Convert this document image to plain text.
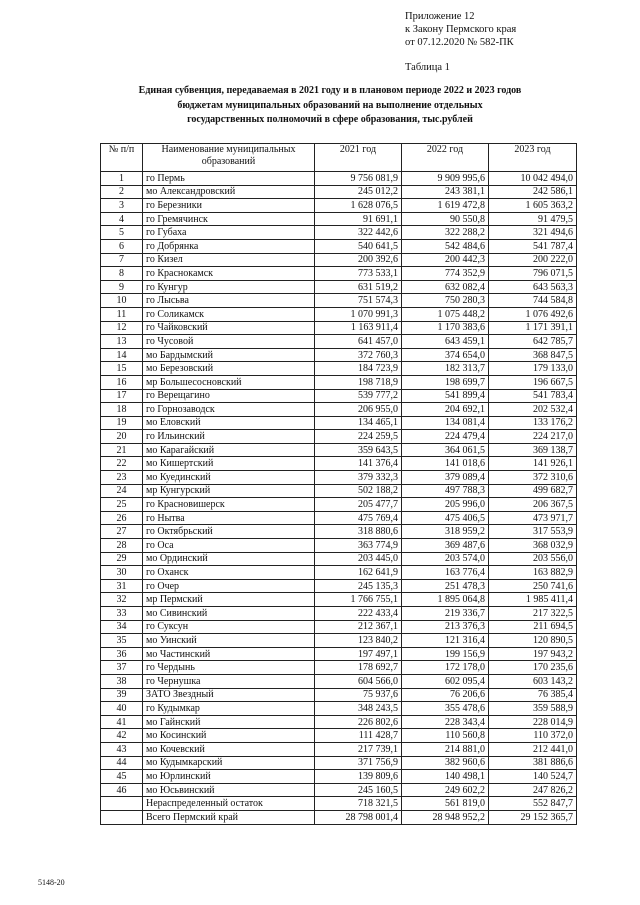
Приложение 12
к Закону Пермского края
от 07.12.2020 № 582-ПК
Таблица 1
Единая субвенция, передаваемая в 2021 году и в плановом периоде 2022 и 2023 годов
бюджетам муниципальных образований на выполнение отдельных
государственных полномочий в сфере образования, тыс.рублей
№ п/п	Наименование муниципальных образований	2021 год	2022 год	2023 год
1	го Пермь	9 756 081,9	9 909 995,6	10 042 494,0
2	мо Александровский	245 012,2	243 381,1	242 586,1
3	го Березники	1 628 076,5	1 619 472,8	1 605 363,2
4	го Гремячинск	91 691,1	90 550,8	91 479,5
5	го Губаха	322 442,6	322 288,2	321 494,6
6	го Добрянка	540 641,5	542 484,6	541 787,4
7	го Кизел	200 392,6	200 442,3	200 222,0
8	го Краснокамск	773 533,1	774 352,9	796 071,5
9	го Кунгур	631 519,2	632 082,4	643 563,3
10	го Лысьва	751 574,3	750 280,3	744 584,8
11	го Соликамск	1 070 991,3	1 075 448,2	1 076 492,6
12	го Чайковский	1 163 911,4	1 170 383,6	1 171 391,1
13	го Чусовой	641 457,0	643 459,1	642 785,7
14	мо Бардымский	372 760,3	374 654,0	368 847,5
15	мо Березовский	184 723,9	182 313,7	179 133,0
16	мр Большесосновский	198 718,9	198 699,7	196 667,5
17	го Верещагино	539 777,2	541 899,4	541 783,4
18	го Горнозаводск	206 955,0	204 692,1	202 532,4
19	мо Еловский	134 465,1	134 081,4	133 176,2
20	го Ильинский	224 259,5	224 479,4	224 217,0
21	мо Карагайский	359 643,5	364 061,5	369 138,7
22	мо Кишертский	141 376,4	141 018,6	141 926,1
23	мо Куединский	379 332,3	379 089,4	372 310,6
24	мр Кунгурский	502 188,2	497 788,3	499 682,7
25	го Красновишерск	205 477,7	205 996,0	206 367,5
26	го Нытва	475 769,4	475 406,5	473 971,7
27	го Октябрьский	318 880,6	318 959,2	317 553,9
28	го Оса	363 774,9	369 487,6	368 032,9
29	мо Ординский	203 445,0	203 574,0	203 556,0
30	го Оханск	162 641,9	163 776,4	163 882,9
31	го Очер	245 135,3	251 478,3	250 741,6
32	мр Пермский	1 766 755,1	1 895 064,8	1 985 411,4
33	мо Сивинский	222 433,4	219 336,7	217 322,5
34	го Суксун	212 367,1	213 376,3	211 694,5
35	мо Уинский	123 840,2	121 316,4	120 890,5
36	мо Частинский	197 497,1	199 156,9	197 943,2
37	го Чердынь	178 692,7	172 178,0	170 235,6
38	го Чернушка	604 566,0	602 095,4	603 143,2
39	ЗАТО Звездный	75 937,6	76 206,6	76 385,4
40	го Кудымкар	348 243,5	355 478,6	359 588,9
41	мо Гайнский	226 802,6	228 343,4	228 014,9
42	мо Косинский	111 428,7	110 560,8	110 372,0
43	мо Кочевский	217 739,1	214 881,0	212 441,0
44	мо Кудымкарский	371 756,9	382 960,6	381 886,6
45	мо Юрлинский	139 809,6	140 498,1	140 524,7
46	мо Юсьвинский	245 160,5	249 602,2	247 826,2
	Нераспределенный остаток	718 321,5	561 819,0	552 847,7
	Всего Пермский край	28 798 001,4	28 948 952,2	29 152 365,7
5148-20
